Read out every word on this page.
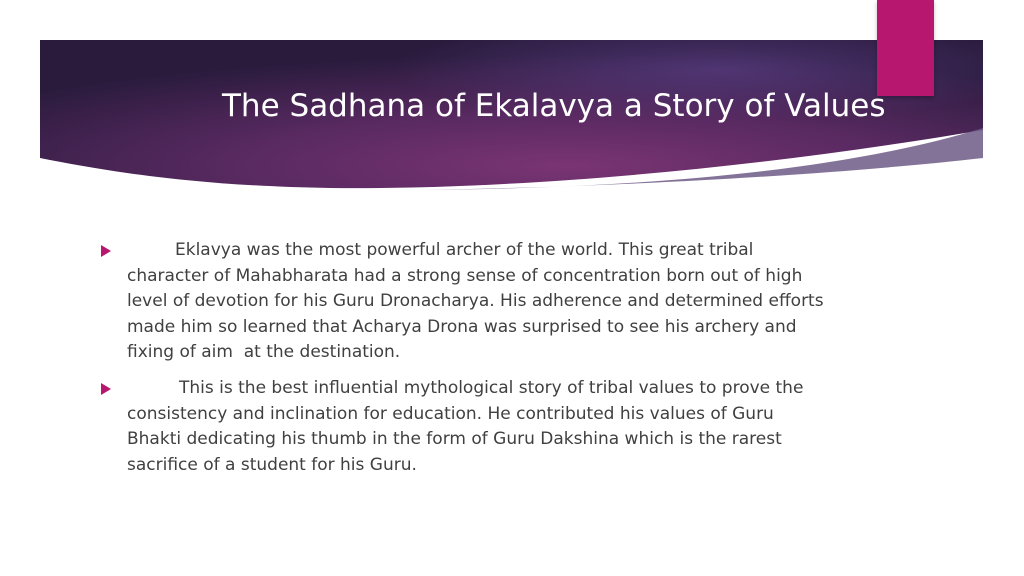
The Sadhana of Ekalavya a Story of Values
Eklavya was the most powerful archer of the world. This great tribal character of Mahabharata had a strong sense of concentration born out of high level of devotion for his Guru Dronacharya. His adherence and determined efforts made him so learned that Acharya Drona was surprised to see his archery and fixing of aim  at the destination.
This is the best influential mythological story of tribal values to prove the consistency and inclination for education. He contributed his values of Guru Bhakti dedicating his thumb in the form of Guru Dakshina which is the rarest sacrifice of a student for his Guru.
